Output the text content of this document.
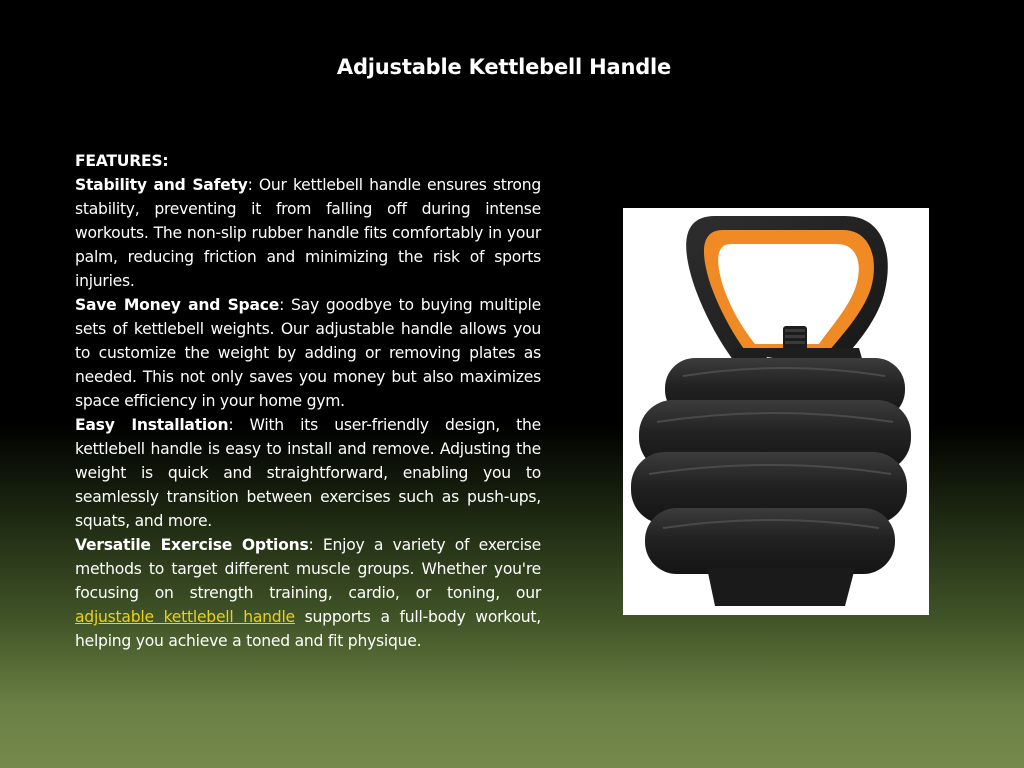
Adjustable Kettlebell Handle

FEATURES:

Stability and Safety: Our kettlebell handle ensures strong stability, preventing it from falling off during intense workouts. The non-slip rubber handle fits comfortably in your palm, reducing friction and minimizing the risk of sports injuries.

Save Money and Space: Say goodbye to buying multiple sets of kettlebell weights. Our adjustable handle allows you to customize the weight by adding or removing plates as needed. This not only saves you money but also maximizes space efficiency in your home gym.

Easy Installation: With its user-friendly design, the kettlebell handle is easy to install and remove. Adjusting the weight is quick and straightforward, enabling you to seamlessly transition between exercises such as push-ups, squats, and more.

Versatile Exercise Options: Enjoy a variety of exercise methods to target different muscle groups. Whether you're focusing on strength training, cardio, or toning, our adjustable kettlebell handle supports a full-body workout, helping you achieve a toned and fit physique.
